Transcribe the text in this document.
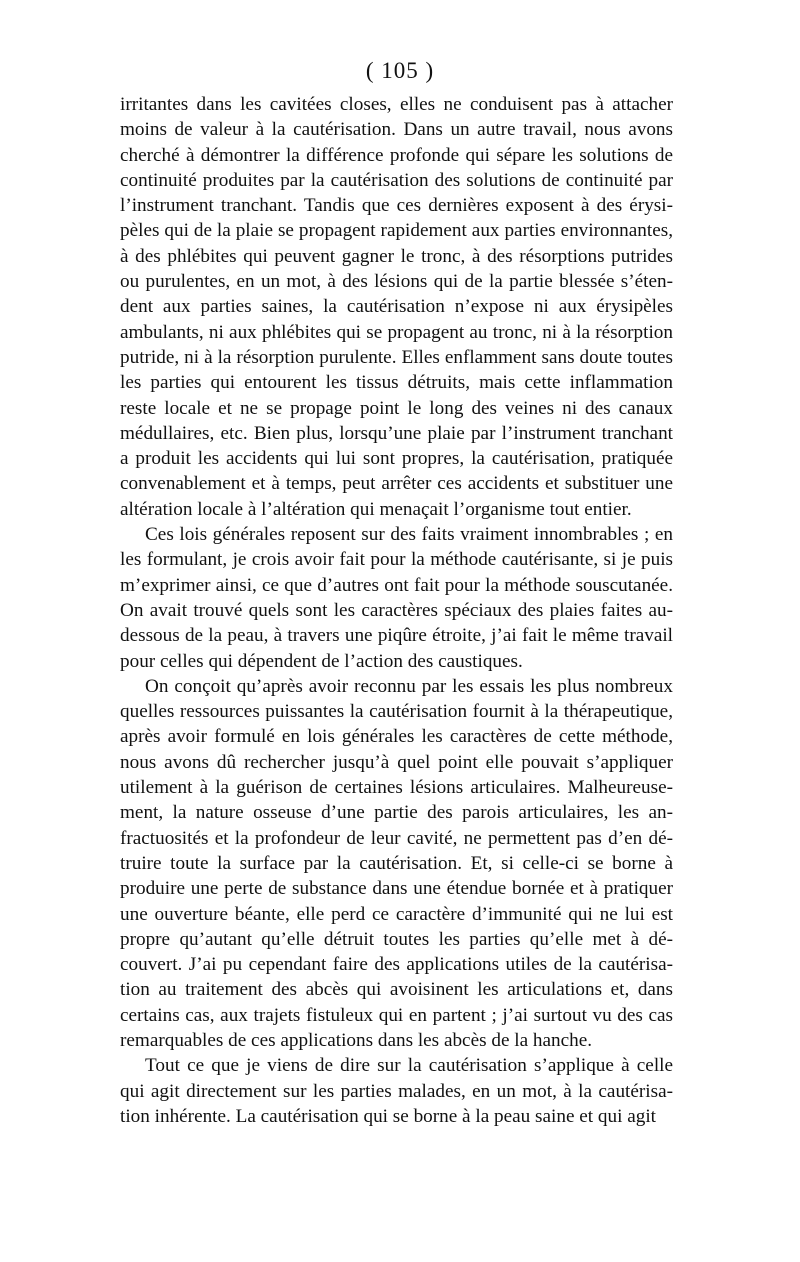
( 105 )

irritantes dans les cavitées closes, elles ne conduisent pas à attacher moins de valeur à la cautérisation. Dans un autre travail, nous avons cherché à démontrer la différence profonde qui sépare les solutions de continuité produites par la cautérisation des solutions de continuité par l’instrument tranchant. Tandis que ces dernières exposent à des érysipèles qui de la plaie se propagent rapidement aux parties environnantes, à des phlébites qui peuvent gagner le tronc, à des résorptions putrides ou purulentes, en un mot, à des lésions qui de la partie blessée s’étendent aux parties saines, la cautérisation n’expose ni aux érysipèles ambulants, ni aux phlébites qui se propagent au tronc, ni à la résorption putride, ni à la résorption purulente. Elles enflamment sans doute toutes les parties qui entourent les tissus détruits, mais cette inflammation reste locale et ne se propage point le long des veines ni des canaux médullaires, etc. Bien plus, lorsqu’une plaie par l’instrument tranchant a produit les accidents qui lui sont propres, la cautérisation, pratiquée convenablement et à temps, peut arrêter ces accidents et substituer une altération locale à l’altération qui menaçait l’organisme tout entier.

Ces lois générales reposent sur des faits vraiment innombrables ; en les formulant, je crois avoir fait pour la méthode cautérisante, si je puis m’exprimer ainsi, ce que d’autres ont fait pour la méthode souscutanée. On avait trouvé quels sont les caractères spéciaux des plaies faites au-dessous de la peau, à travers une piqûre étroite, j’ai fait le même travail pour celles qui dépendent de l’action des caustiques.

On conçoit qu’après avoir reconnu par les essais les plus nombreux quelles ressources puissantes la cautérisation fournit à la thérapeutique, après avoir formulé en lois générales les caractères de cette méthode, nous avons dû rechercher jusqu’à quel point elle pouvait s’appliquer utilement à la guérison de certaines lésions articulaires. Malheureusement, la nature osseuse d’une partie des parois articulaires, les anfractuosités et la profondeur de leur cavité, ne permettent pas d’en détruire toute la surface par la cautérisation. Et, si celle-ci se borne à produire une perte de substance dans une étendue bornée et à pratiquer une ouverture béante, elle perd ce caractère d’immunité qui ne lui est propre qu’autant qu’elle détruit toutes les parties qu’elle met à découvert. J’ai pu cependant faire des applications utiles de la cautérisation au traitement des abcès qui avoisinent les articulations et, dans certains cas, aux trajets fistuleux qui en partent ; j’ai surtout vu des cas remarquables de ces applications dans les abcès de la hanche.

Tout ce que je viens de dire sur la cautérisation s’applique à celle qui agit directement sur les parties malades, en un mot, à la cautérisation inhérente. La cautérisation qui se borne à la peau saine et qui agit
